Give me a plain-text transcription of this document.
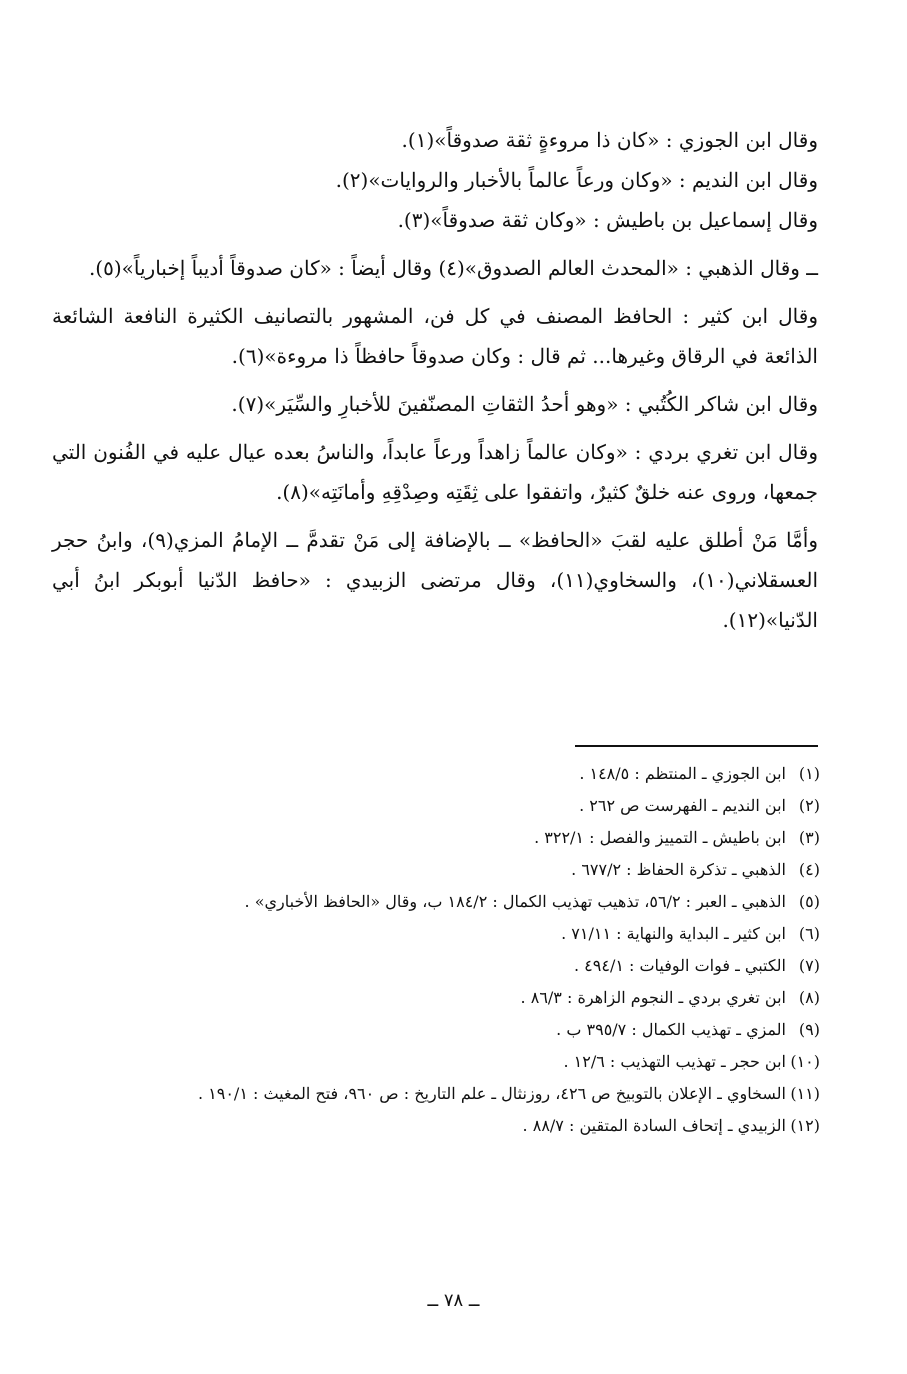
وقال ابن الجوزي : «كان ذا مروءةٍ ثقة صدوقاً»(١).

وقال ابن النديم : «وكان ورعاً عالماً بالأخبار والروايات»(٢).

وقال إسماعيل بن باطيش : «وكان ثقة صدوقاً»(٣).

ــ وقال الذهبي : «المحدث العالم الصدوق»(٤) وقال أيضاً : «كان صدوقاً أديباً إخبارياً»(٥).

وقال ابن كثير : الحافظ المصنف في كل فن، المشهور بالتصانيف الكثيرة النافعة الشائعة الذائعة في الرقاق وغيرها... ثم قال : وكان صدوقاً حافظاً ذا مروءة»(٦).

وقال ابن شاكر الكُتُبي : «وهو أحدُ الثقاتِ المصنّفينَ للأخبارِ والسِّيَر»(٧).

وقال ابن تغري بردي : «وكان عالماً زاهداً ورعاً عابداً، والناسُ بعده عيال عليه في الفُنون التي جمعها، وروى عنه خلقٌ كثيرٌ، واتفقوا على ثِقَتِه وصِدْقِهِ وأمانَتِه»(٨).

وأمَّا مَنْ أطلق عليه لقبَ «الحافظ» ــ بالإضافة إلى مَنْ تقدمَّ ــ الإمامُ المزي(٩)، وابنُ حجر العسقلاني(١٠)، والسخاوي(١١)، وقال مرتضى الزبيدي : «حافظ الدّنيا أبوبكر ابنُ أبي الدّنيا»(١٢).

(١)
ابن الجوزي ـ المنتظم : ١٤٨/٥ .
(٢)
ابن النديم ـ الفهرست ص ٢٦٢ .
(٣)
ابن باطيش ـ التمييز والفصل : ٣٢٢/١ .
(٤)
الذهبي ـ تذكرة الحفاظ : ٦٧٧/٢ .
(٥)
الذهبي ـ العبر : ٥٦/٢، تذهيب تهذيب الكمال : ١٨٤/٢ ب، وقال «الحافظ الأخباري» .
(٦)
ابن كثير ـ البداية والنهاية : ٧١/١١ .
(٧)
الكتبي ـ فوات الوفيات : ٤٩٤/١ .
(٨)
ابن تغري بردي ـ النجوم الزاهرة : ٨٦/٣ .
(٩)
المزي ـ تهذيب الكمال : ٣٩٥/٧ ب .
(١٠)
ابن حجر ـ تهذيب التهذيب : ١٢/٦ .
(١١)
السخاوي ـ الإعلان بالتوبيخ ص ٤٢٦، روزنثال ـ علم التاريخ : ص ٩٦٠، فتح المغيث : ١٩٠/١ .
(١٢)
الزبيدي ـ إتحاف السادة المتقين : ٨٨/٧ .
ــ ٧٨ ــ
